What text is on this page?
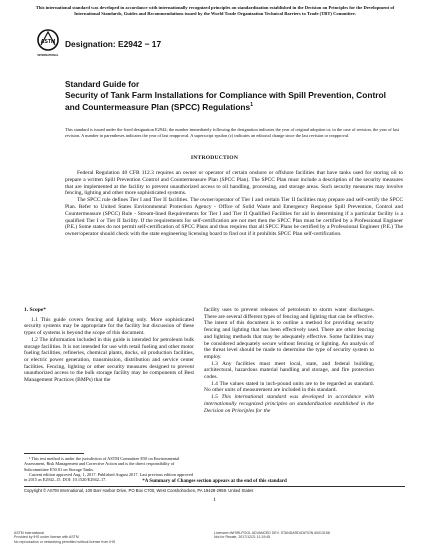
This international standard was developed in accordance with internationally recognized principles on standardization established in the Decision on Principles for the Development of International Standards, Guides and Recommendations issued by the World Trade Organization Technical Barriers to Trade (TBT) Committee.
ASTM
INTERNATIONAL
Designation: E2942 − 17
Standard Guide for
Security of Tank Farm Installations for Compliance with Spill Prevention, Control and Countermeasure Plan (SPCC) Regulations$^1$
This standard is issued under the fixed designation E2942; the number immediately following the designation indicates the year of original adoption or, in the case of revision, the year of last revision. A number in parentheses indicates the year of last reapproval. A superscript epsilon (ε) indicates an editorial change since the last revision or reapproval.
INTRODUCTION

Federal Regulation 40 CFR 112.3 requires an owner or operator of certain onshore or offshore facilities that have tanks used for storing oil to prepare a written Spill Prevention Control and Countermeasure Plan (SPCC Plan). The SPCC Plan must include a description of the security measures that are implemented at the facility to prevent unauthorized access to oil handling, processing, and storage areas. Such security measures may involve fencing, lighting and other more sophisticated systems.

The SPCC rule defines Tier I and Tier II facilities. The owner/operator of Tier I and certain Tier II facilities may prepare and self-certify the SPCC Plan. Refer to United States Environmental Protection Agency - Office of Solid Waste and Emergency Response Spill Prevention, Control and Countermeasure (SPCC) Rule - Stream-lined Requirements for Tier I and Tier II Qualified Facilities for aid in determining if a particular facility is a qualified Tier I or Tier II facility. If the requirements for self-certification are not met then the SPCC Plan must be certified by a Professional Engineer (P.E.) Some states do not permit self-certification of SPCC Plans and thus requires that all SPCC Plans be certified by a Professional Engineer (P.E.) The owner/operator should check with the state engineering licensing board to find out if it prohibits SPCC Plan self-certification.

1. Scope*

1.1 This guide covers fencing and lighting only. More sophisticated security systems may be appropriate for the facility but discussion of these types of systems is beyond the scope of this document.

1.2 The information included in this guide is intended for petroleum bulk storage facilities. It is not intended for use with retail fueling and other motor fueling facilities, refineries, chemical plants, docks, oil production facilities, or electric power generation, transmission, distribution and service center facilities. Fencing, lighting or other security measures designed to prevent unauthorized access to the bulk storage facility may be components of Best Management Practices (BMPs) that the

facility uses to prevent releases of petroleum to storm water discharges. There are several different types of fencing and lighting that can be effective. The intent of this document is to outline a method for providing security fencing and lighting that has been effectively used. There are other fencing and lighting methods that may be adequately effective. Some facilities may be considered adequately secure without fencing or lighting. An analysis of the threat level should be made to determine the type of security system to employ.

1.3 Any facilities must meet local, state, and federal building, architectural, hazardous material handling and storage, and fire protection codes.

1.4 The values stated in inch-pound units are to be regarded as standard. No other units of measurement are included in this standard.

1.5 This international standard was developed in accordance with internationally recognized principles on standardization established in the Decision on Principles for the

¹ This test method is under the jurisdiction of ASTM Committee E50 on Environmental Assessment, Risk Management and Corrective Action and is the direct responsibility of Subcommittee E50.01 on Storage Tanks.

Current edition approved Aug. 1, 2017. Published August 2017. Last previous edition approved in 2015 as E2942–15. DOI: 10.1520/E2942–17.	*A Summary of Changes section appears at the end of this standard
Copyright © ASTM International, 100 Barr Harbor Drive, PO Box C700, West Conshohocken, PA 19428-2959. United States
1
ASTM International
Provided by IHS under license with ASTM
No reproduction or networking permitted without license from IHS
Licensee=WHIRLPOOL ADVANCED DEV. STANDARDIZATION 60013158
Not for Resale, 2017/12/21 11:19:45
